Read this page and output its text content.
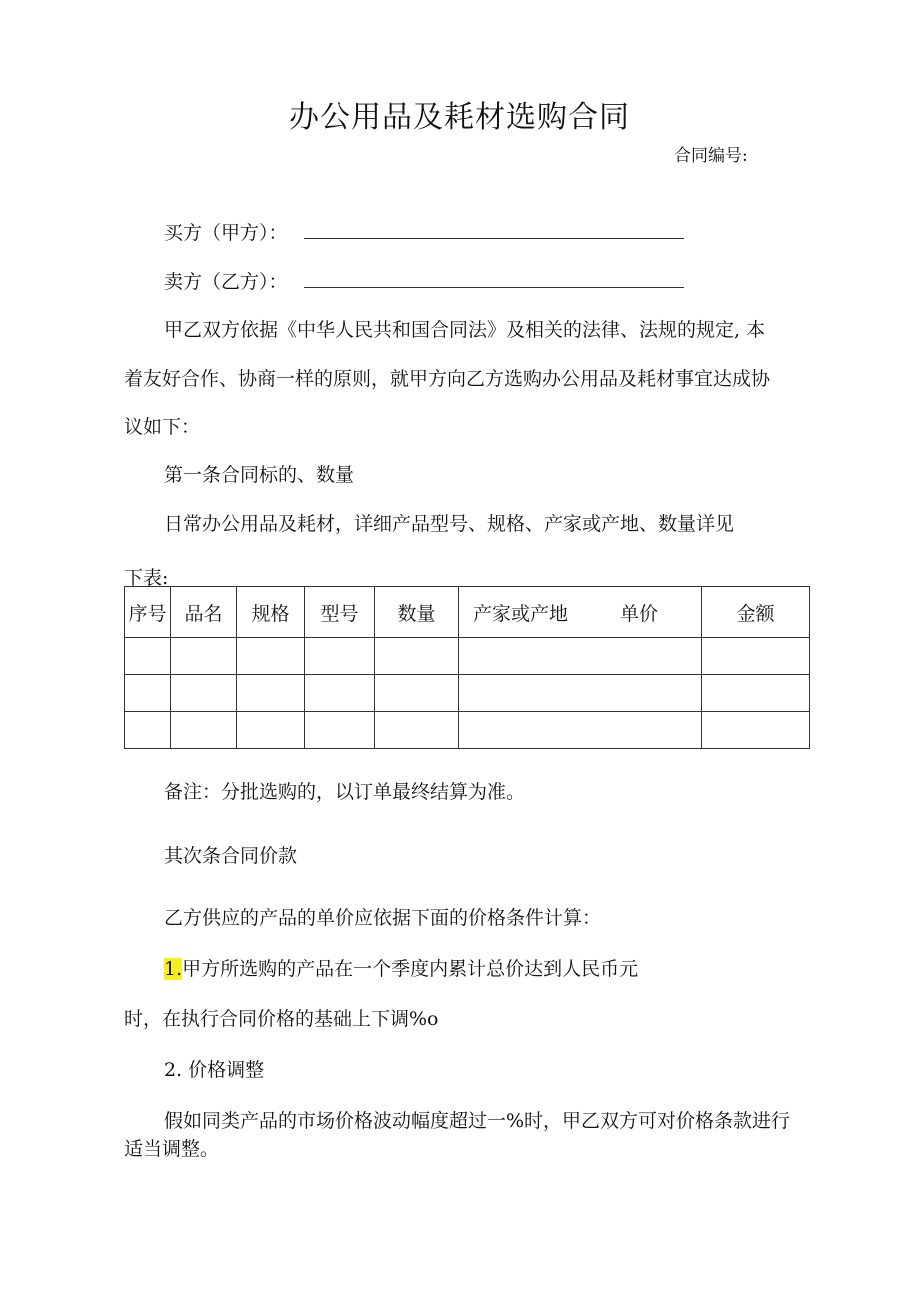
办公用品及耗材选购合同
合同编号:
买方（甲方）：
卖方（乙方）：
甲乙双方依据《中华人民共和国合同法》及相关的法律、法规的规定, 本
着友好合作、协商一样的原则，就甲方向乙方选购办公用品及耗材事宜达成协
议如下：
第一条合同标的、数量
日常办公用品及耗材，详细产品型号、规格、产家或产地、数量详见
下表:
序号	品名	规格	型号	数量	产家或产地 单价	金额

备注：分批选购的，以订单最终结算为准。
其次条合同价款
乙方供应的产品的单价应依据下面的价格条件计算：
1.甲方所选购的产品在一个季度内累计总价达到人民币元
时，在执行合同价格的基础上下调%o
2. 价格调整
假如同类产品的市场价格波动幅度超过一%时，甲乙双方可对价格条款进行
适当调整。
